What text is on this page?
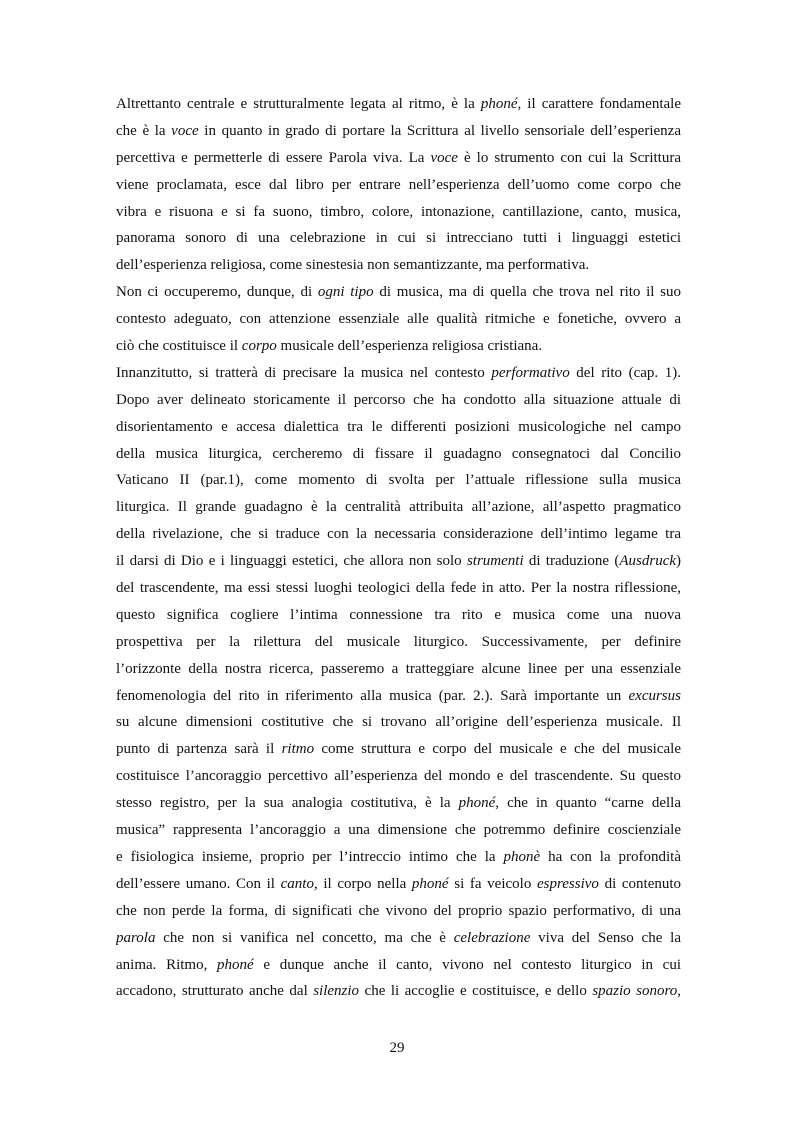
Altrettanto centrale e strutturalmente legata al ritmo, è la phoné, il carattere fondamentale
che è la voce in quanto in grado di portare la Scrittura al livello sensoriale dell’esperienza
percettiva e permetterle di essere Parola viva. La voce è lo strumento con cui la Scrittura
viene proclamata, esce dal libro per entrare nell’esperienza dell’uomo come corpo che
vibra e risuona e si fa suono, timbro, colore, intonazione, cantillazione, canto, musica,
panorama sonoro di una celebrazione in cui si intrecciano tutti i linguaggi estetici
dell’esperienza religiosa, come sinestesia non semantizzante, ma performativa.
Non ci occuperemo, dunque, di ogni tipo di musica, ma di quella che trova nel rito il suo
contesto adeguato, con attenzione essenziale alle qualità ritmiche e fonetiche, ovvero a
ciò che costituisce il corpo musicale dell’esperienza religiosa cristiana.
Innanzitutto, si tratterà di precisare la musica nel contesto performativo del rito (cap. 1).
Dopo aver delineato storicamente il percorso che ha condotto alla situazione attuale di
disorientamento e accesa dialettica tra le differenti posizioni musicologiche nel campo
della musica liturgica, cercheremo di fissare il guadagno consegnatoci dal Concilio
Vaticano II (par.1), come momento di svolta per l’attuale riflessione sulla musica
liturgica. Il grande guadagno è la centralità attribuita all’azione, all’aspetto pragmatico
della rivelazione, che si traduce con la necessaria considerazione dell’intimo legame tra
il darsi di Dio e i linguaggi estetici, che allora non solo strumenti di traduzione (Ausdruck)
del trascendente, ma essi stessi luoghi teologici della fede in atto. Per la nostra riflessione,
questo significa cogliere l’intima connessione tra rito e musica come una nuova
prospettiva per la rilettura del musicale liturgico. Successivamente, per definire
l’orizzonte della nostra ricerca, passeremo a tratteggiare alcune linee per una essenziale
fenomenologia del rito in riferimento alla musica (par. 2.). Sarà importante un excursus
su alcune dimensioni costitutive che si trovano all’origine dell’esperienza musicale. Il
punto di partenza sarà il ritmo come struttura e corpo del musicale e che del musicale
costituisce l’ancoraggio percettivo all’esperienza del mondo e del trascendente. Su questo
stesso registro, per la sua analogia costitutiva, è la phoné, che in quanto “carne della
musica” rappresenta l’ancoraggio a una dimensione che potremmo definire coscienziale
e fisiologica insieme, proprio per l’intreccio intimo che la phonè ha con la profondità
dell’essere umano. Con il canto, il corpo nella phoné si fa veicolo espressivo di contenuto
che non perde la forma, di significati che vivono del proprio spazio performativo, di una
parola che non si vanifica nel concetto, ma che è celebrazione viva del Senso che la
anima. Ritmo, phoné e dunque anche il canto, vivono nel contesto liturgico in cui
accadono, strutturato anche dal silenzio che li accoglie e costituisce, e dello spazio sonoro,
29
